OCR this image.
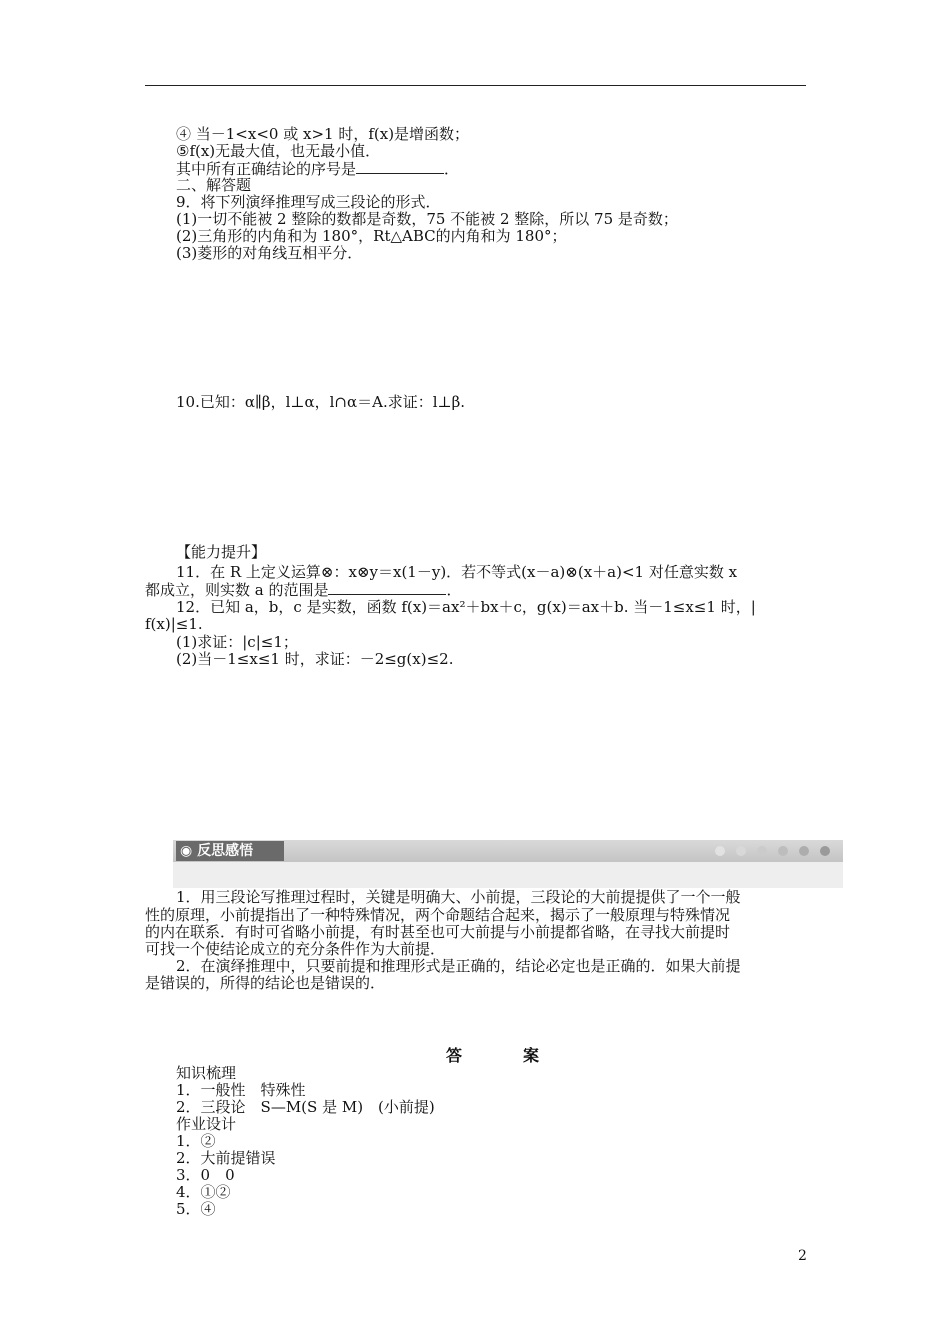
④ 当－1<x<0 或 x>1 时，f(x)是增函数；
⑤f(x)无最大值，也无最小值．
其中所有正确结论的序号是	．
二、解答题
9．将下列演绎推理写成三段论的形式．
(1)一切不能被 2 整除的数都是奇数，75 不能被 2 整除，所以 75 是奇数；
(2)三角形的内角和为 180°，Rt△ABC的内角和为 180°；
(3)菱形的对角线互相平分．
10.已知：α∥β，l⊥α，l∩α＝A.求证：l⊥β.
【能力提升】
11．在 R 上定义运算⊗：x⊗y＝x(1－y)．若不等式(x－a)⊗(x＋a)<1 对任意实数 x
都成立，则实数 a 的范围是	．
12．已知 a，b，c 是实数，函数 f(x)＝ax²＋bx＋c，g(x)＝ax＋b. 当－1≤x≤1 时，|
f(x)|≤1.
(1)求证：|c|≤1；
(2)当－1≤x≤1 时，求证：－2≤g(x)≤2.
◉ 反思感悟
1．用三段论写推理过程时，关键是明确大、小前提，三段论的大前提提供了一个一般
性的原理，小前提指出了一种特殊情况，两个命题结合起来，揭示了一般原理与特殊情况
的内在联系．有时可省略小前提，有时甚至也可大前提与小前提都省略，在寻找大前提时
可找一个使结论成立的充分条件作为大前提．
2．在演绎推理中，只要前提和推理形式是正确的，结论必定也是正确的．如果大前提
是错误的，所得的结论也是错误的．
答	案
知识梳理
1．一般性　特殊性
2．三段论　S—M(S 是 M)　(小前提)
作业设计
1．②
2．大前提错误
3．0　0
4．①②
5．④
2
